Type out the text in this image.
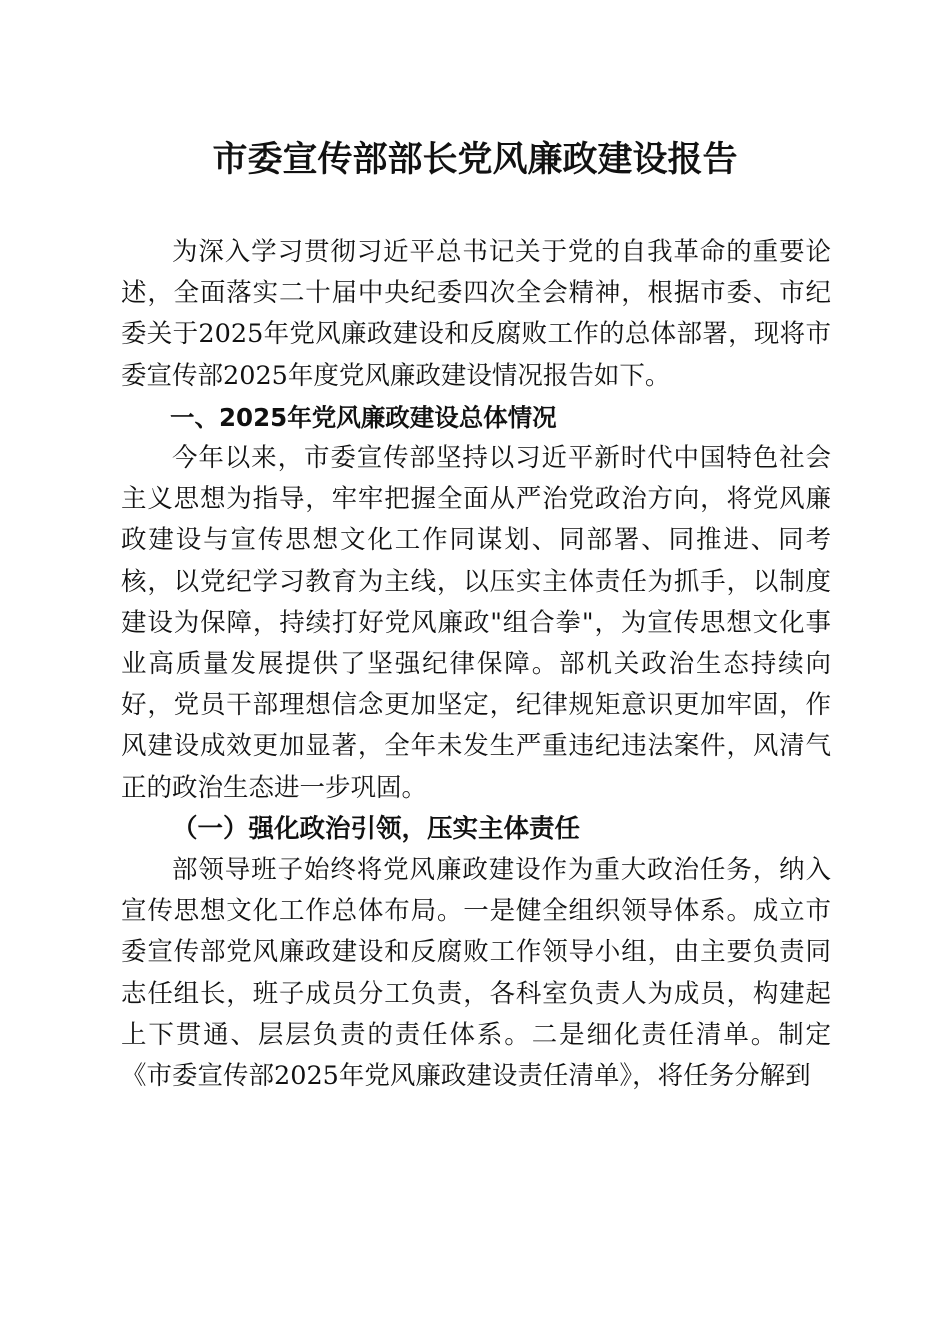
市委宣传部部长党风廉政建设报告

为深入学习贯彻习近平总书记关于党的自我革命的重要论述，全面落实二十届中央纪委四次全会精神，根据市委、市纪委关于2025年党风廉政建设和反腐败工作的总体部署，现将市委宣传部2025年度党风廉政建设情况报告如下。

一、2025年党风廉政建设总体情况

今年以来，市委宣传部坚持以习近平新时代中国特色社会主义思想为指导，牢牢把握全面从严治党政治方向，将党风廉政建设与宣传思想文化工作同谋划、同部署、同推进、同考核，以党纪学习教育为主线，以压实主体责任为抓手，以制度建设为保障，持续打好党风廉政"组合拳"，为宣传思想文化事业高质量发展提供了坚强纪律保障。部机关政治生态持续向好，党员干部理想信念更加坚定，纪律规矩意识更加牢固，作风建设成效更加显著，全年未发生严重违纪违法案件，风清气正的政治生态进一步巩固。

（一）强化政治引领，压实主体责任

部领导班子始终将党风廉政建设作为重大政治任务，纳入宣传思想文化工作总体布局。一是健全组织领导体系。成立市委宣传部党风廉政建设和反腐败工作领导小组，由主要负责同志任组长，班子成员分工负责，各科室负责人为成员，构建起上下贯通、层层负责的责任体系。二是细化责任清单。制定《市委宣传部2025年党风廉政建设责任清单》，将任务分解到
